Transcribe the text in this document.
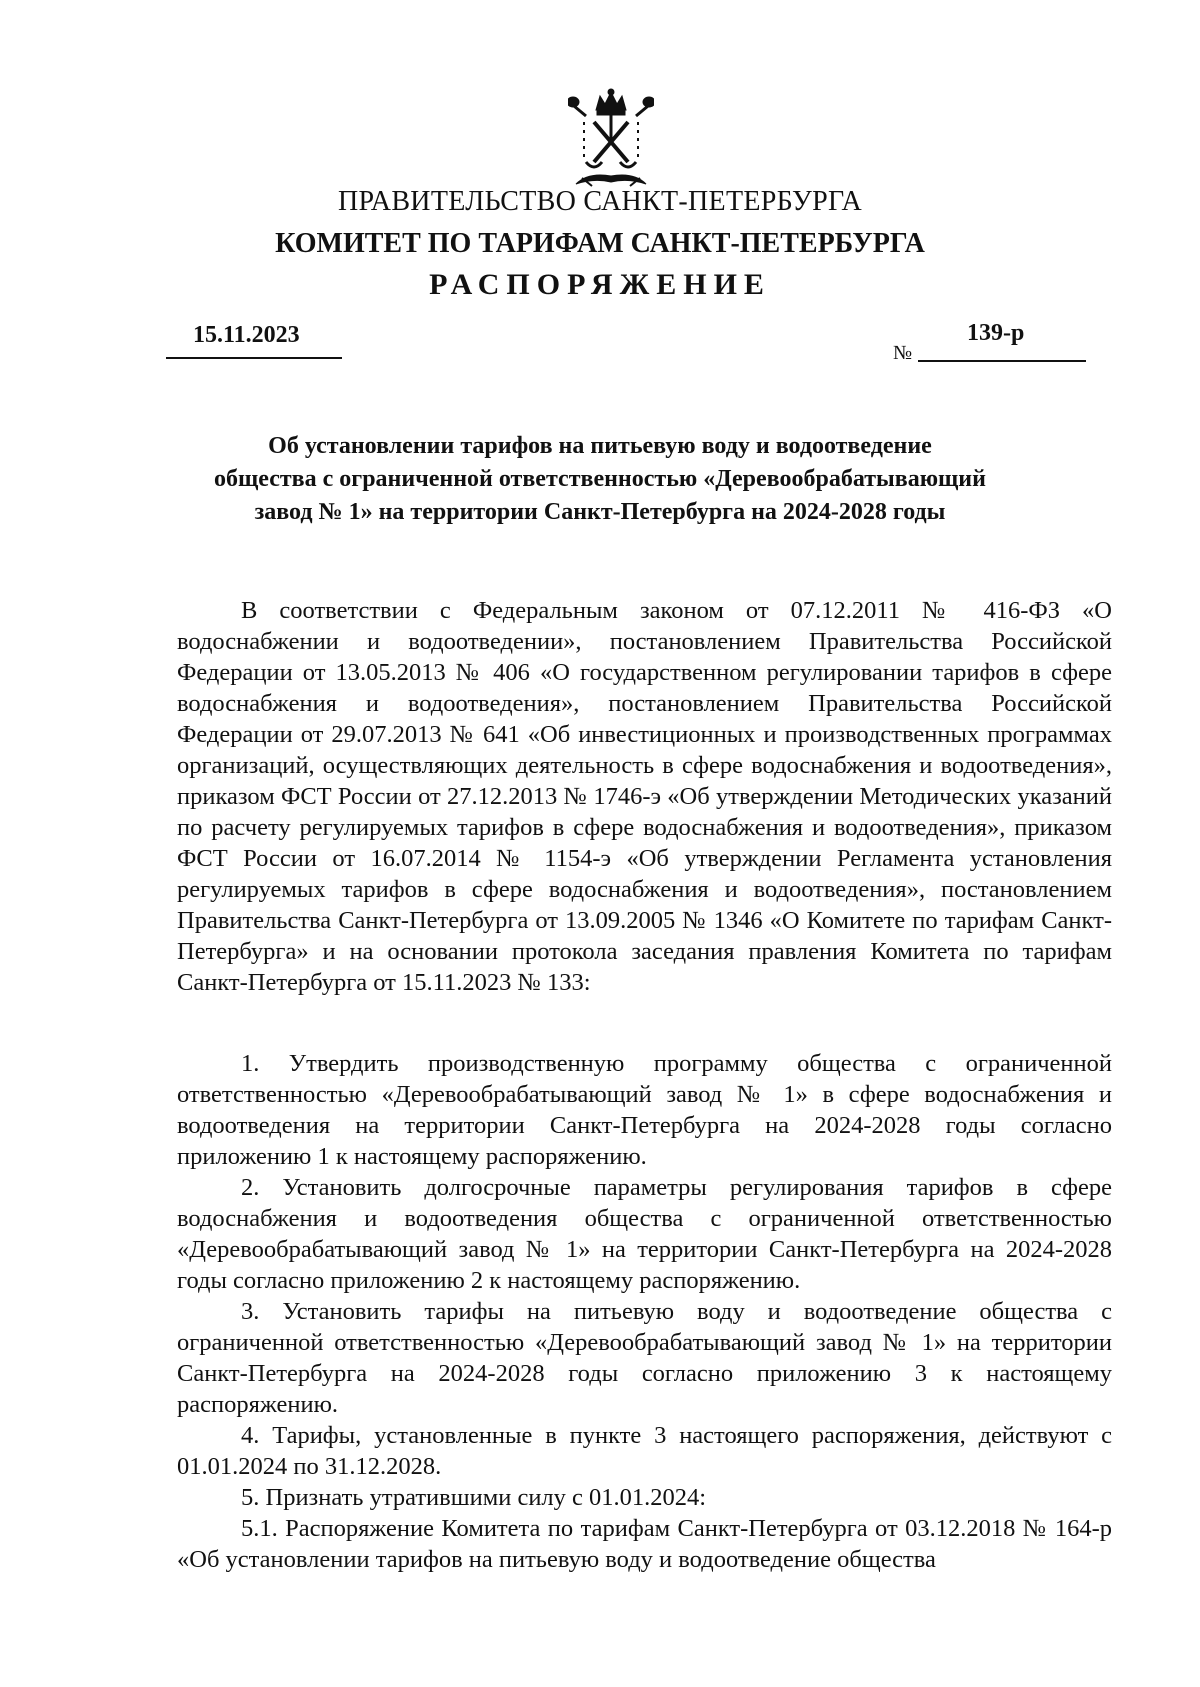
ПРАВИТЕЛЬСТВО САНКТ-ПЕТЕРБУРГА
КОМИТЕТ ПО ТАРИФАМ САНКТ-ПЕТЕРБУРГА
РАСПОРЯЖЕНИЕ
15.11.2023
№
139-р
Об установлении тарифов на питьевую воду и водоотведение
общества с ограниченной ответственностью «Деревообрабатывающий
завод № 1» на территории Санкт-Петербурга на 2024-2028 годы

В соответствии с Федеральным законом от 07.12.2011 № 416-ФЗ «О водоснабжении и водоотведении», постановлением Правительства Российской Федерации от 13.05.2013 № 406 «О государственном регулировании тарифов в сфере водоснабжения и водоотведения», постановлением Правительства Российской Федерации от 29.07.2013 № 641 «Об инвестиционных и производственных программах организаций, осуществляющих деятельность в сфере водоснабжения и водоотведения», приказом ФСТ России от 27.12.2013 № 1746-э «Об утверждении Методических указаний по расчету регулируемых тарифов в сфере водоснабжения и водоотведения», приказом ФСТ России от 16.07.2014 № 1154-э «Об утверждении Регламента установления регулируемых тарифов в сфере водоснабжения и водоотведения», постановлением Правительства Санкт-Петербурга от 13.09.2005 № 1346 «О Комитете по тарифам Санкт-Петербурга» и на основании протокола заседания правления Комитета по тарифам Санкт-Петербурга от 15.11.2023 № 133:

1. Утвердить производственную программу общества с ограниченной ответственностью «Деревообрабатывающий завод № 1» в сфере водоснабжения и водоотведения на территории Санкт-Петербурга на 2024-2028 годы согласно приложению 1 к настоящему распоряжению.

2. Установить долгосрочные параметры регулирования тарифов в сфере водоснабжения и водоотведения общества с ограниченной ответственностью «Деревообрабатывающий завод № 1» на территории Санкт-Петербурга на 2024-2028 годы согласно приложению 2 к настоящему распоряжению.

3. Установить тарифы на питьевую воду и водоотведение общества с ограниченной ответственностью «Деревообрабатывающий завод № 1» на территории Санкт-Петербурга на 2024-2028 годы согласно приложению 3 к настоящему распоряжению.

4. Тарифы, установленные в пункте 3 настоящего распоряжения, действуют с 01.01.2024 по 31.12.2028.

5. Признать утратившими силу с 01.01.2024:

5.1. Распоряжение Комитета по тарифам Санкт-Петербурга от 03.12.2018 № 164-р «Об установлении тарифов на питьевую воду и водоотведение общества
